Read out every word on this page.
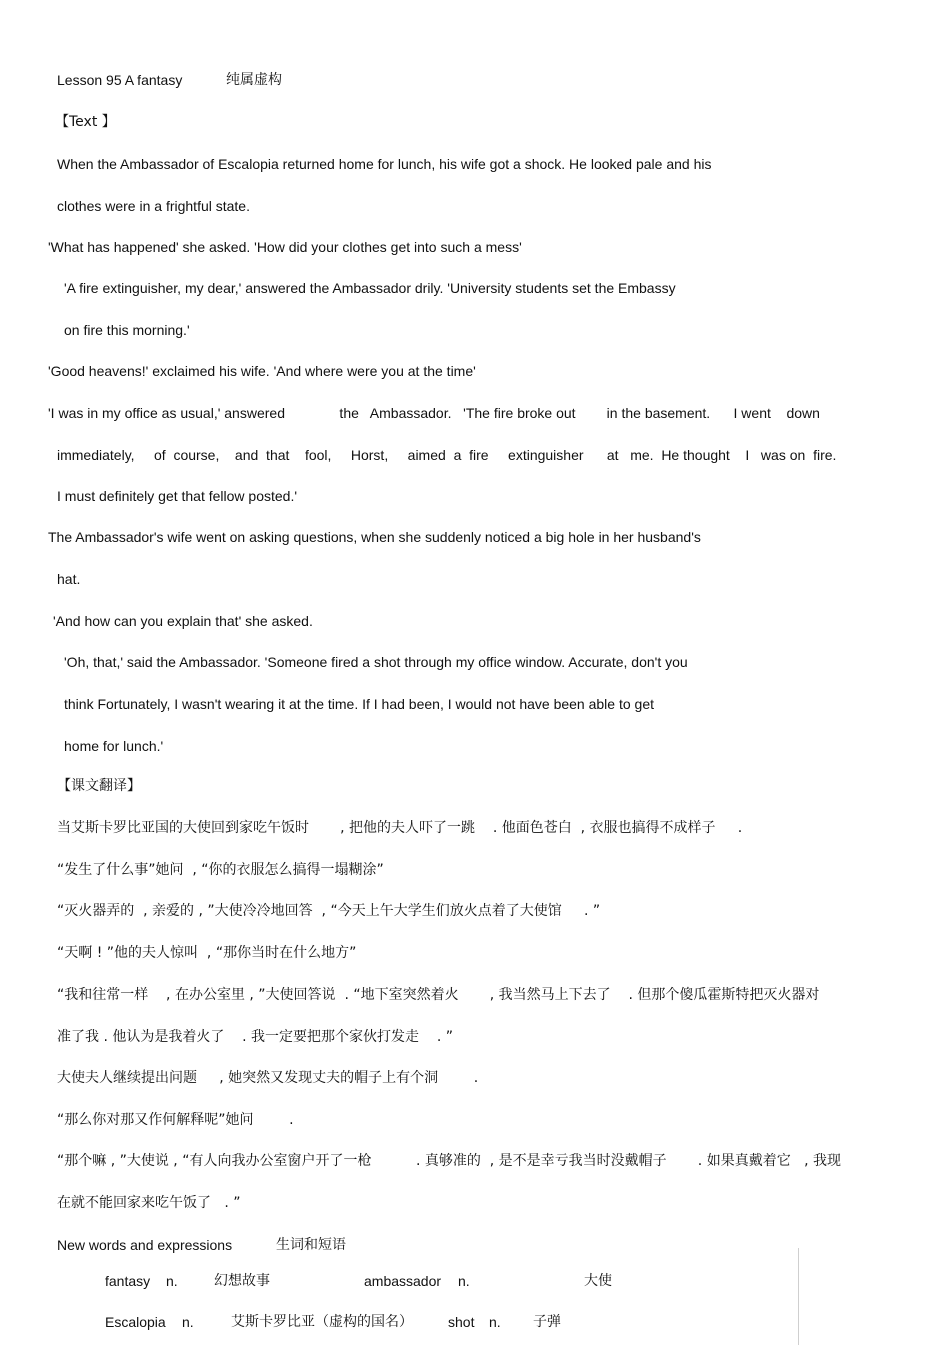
Lesson 95 A fantasy	纯属虚构
【Text 】
When the Ambassador of Escalopia returned home for lunch, his wife got a shock. He looked pale and his
clothes were in a frightful state.
'What has happened' she asked. 'How did your clothes get into such a mess'
'A fire extinguisher, my dear,' answered the Ambassador drily. 'University students set the Embassy
on fire this morning.'
'Good heavens!' exclaimed his wife. 'And where were you at the time'
'I was in my office as usual,' answered              the   Ambassador.   'The fire broke out        in the basement.      I went    down
immediately,     of  course,    and  that    fool,     Horst,     aimed  a  fire     extinguisher      at   me.  He thought    I   was on  fire.
I must definitely get that fellow posted.'
The Ambassador's wife went on asking questions, when she suddenly noticed a big hole in her husband's
hat.
'And how can you explain that' she asked.
'Oh, that,' said the Ambassador. 'Someone fired a shot through my office window. Accurate, don't you
think Fortunately, I wasn't wearing it at the time. If I had been, I would not have been able to get
home for lunch.'
【课文翻译】
当艾斯卡罗比亚国的大使回到家吃午饭时       , 把他的夫人吓了一跳    . 他面色苍白  , 衣服也搞得不成样子     .
“发生了什么事”她问  , “你的衣服怎么搞得一塌糊涂”
“灭火器弄的  , 亲爱的 , ”大使冷冷地回答  , “今天上午大学生们放火点着了大使馆     . ”
“天啊 ! ”他的夫人惊叫  , “那你当时在什么地方”
“我和往常一样    , 在办公室里 , ”大使回答说  . “地下室突然着火       , 我当然马上下去了    . 但那个傻瓜霍斯特把灭火器对
准了我 . 他认为是我着火了    . 我一定要把那个家伙打发走    . ”
大使夫人继续提出问题     , 她突然又发现丈夫的帽子上有个洞        .
“那么你对那又作何解释呢”她问        .
“那个嘛 , ”大使说 , “有人向我办公室窗户开了一枪          . 真够准的  , 是不是幸亏我当时没戴帽子       . 如果真戴着它   , 我现
在就不能回家来吃午饭了   . ”
New words and expressions	生词和短语
fantasy n.	幻想故事	ambassador n.	大使
Escalopia n.	艾斯卡罗比亚（虚构的国名）	shot n. 子弹
